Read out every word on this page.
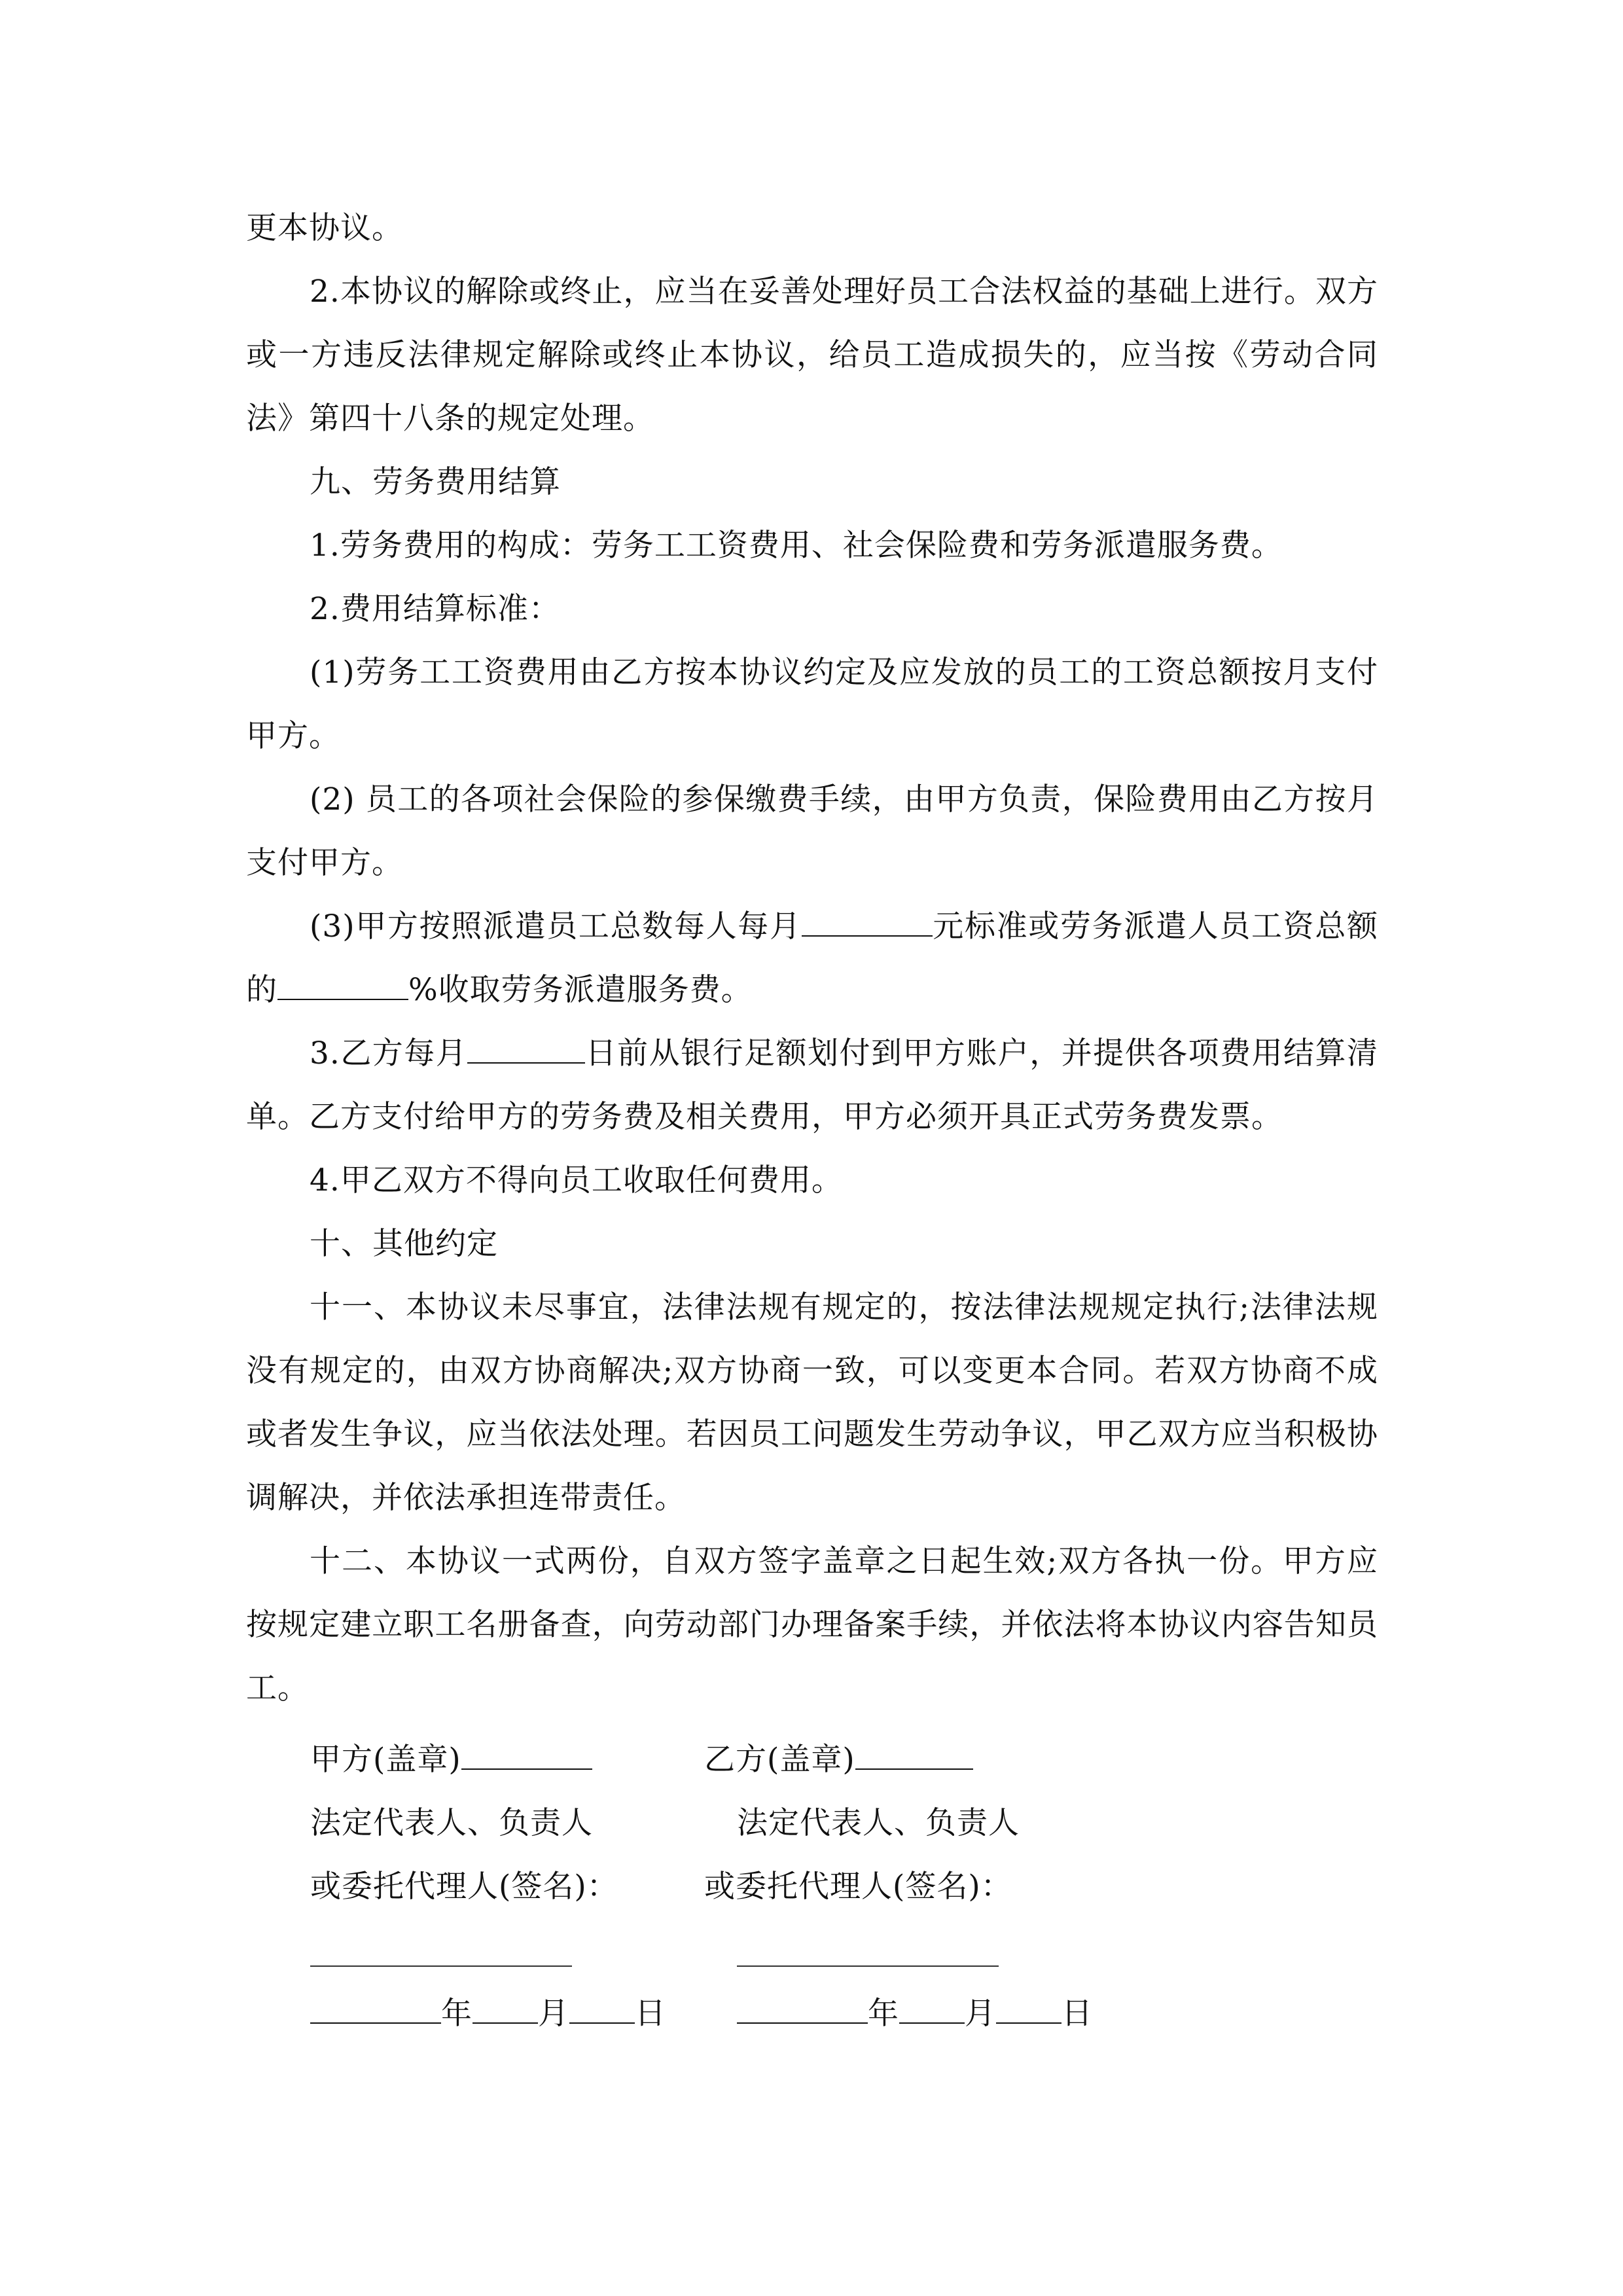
更本协议。

2.本协议的解除或终止，应当在妥善处理好员工合法权益的基础上进行。双方或一方违反法律规定解除或终止本协议，给员工造成损失的，应当按《劳动合同法》第四十八条的规定处理。

九、劳务费用结算

1.劳务费用的构成：劳务工工资费用、社会保险费和劳务派遣服务费。

2.费用结算标准：

(1)劳务工工资费用由乙方按本协议约定及应发放的员工的工资总额按月支付甲方。

(2) 员工的各项社会保险的参保缴费手续，由甲方负责，保险费用由乙方按月支付甲方。

(3)甲方按照派遣员工总数每人每月	元标准或劳务派遣人员工资总额的	%收取劳务派遣服务费。

3.乙方每月	日前从银行足额划付到甲方账户，并提供各项费用结算清单。乙方支付给甲方的劳务费及相关费用，甲方必须开具正式劳务费发票。

4.甲乙双方不得向员工收取任何费用。

十、其他约定

十一、本协议未尽事宜，法律法规有规定的，按法律法规规定执行;法律法规没有规定的，由双方协商解决;双方协商一致，可以变更本合同。若双方协商不成或者发生争议，应当依法处理。若因员工问题发生劳动争议，甲乙双方应当积极协调解决，并依法承担连带责任。

十二、本协议一式两份，自双方签字盖章之日起生效;双方各执一份。甲方应按规定建立职工名册备查，向劳动部门办理备案手续，并依法将本协议内容告知员工。

甲方(盖章)
法定代表人、负责人
或委托代理人(签名)：
年 月 日
乙方(盖章)
法定代表人、负责人
或委托代理人(签名)：
年 月 日
